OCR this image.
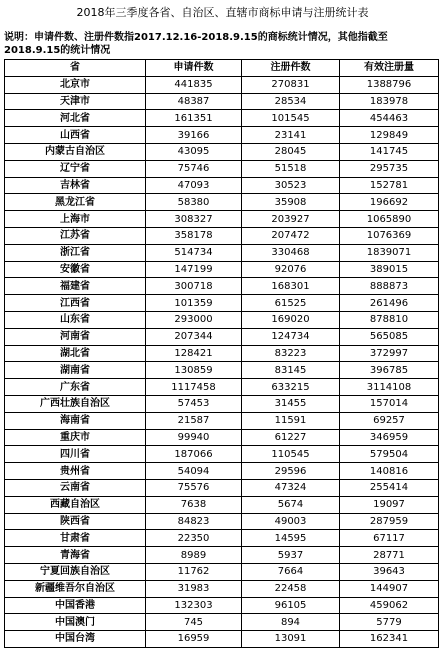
2018年三季度各省、自治区、直辖市商标申请与注册统计表
说明：申请件数、注册件数指2017.12.16-2018.9.15的商标统计情况，其他指截至
2018.9.15的统计情况
省	申请件数	注册件数	有效注册量
北京市	441835	270831	1388796
天津市	48387	28534	183978
河北省	161351	101545	454463
山西省	39166	23141	129849
内蒙古自治区	43095	28045	141745
辽宁省	75746	51518	295735
吉林省	47093	30523	152781
黑龙江省	58380	35908	196692
上海市	308327	203927	1065890
江苏省	358178	207472	1076369
浙江省	514734	330468	1839071
安徽省	147199	92076	389015
福建省	300718	168301	888873
江西省	101359	61525	261496
山东省	293000	169020	878810
河南省	207344	124734	565085
湖北省	128421	83223	372997
湖南省	130859	83145	396785
广东省	1117458	633215	3114108
广西壮族自治区	57453	31455	157014
海南省	21587	11591	69257
重庆市	99940	61227	346959
四川省	187066	110545	579504
贵州省	54094	29596	140816
云南省	75576	47324	255414
西藏自治区	7638	5674	19097
陕西省	84823	49003	287959
甘肃省	22350	14595	67117
青海省	8989	5937	28771
宁夏回族自治区	11762	7664	39643
新疆维吾尔自治区	31983	22458	144907
中国香港	132303	96105	459062
中国澳门	745	894	5779
中国台湾	16959	13091	162341
